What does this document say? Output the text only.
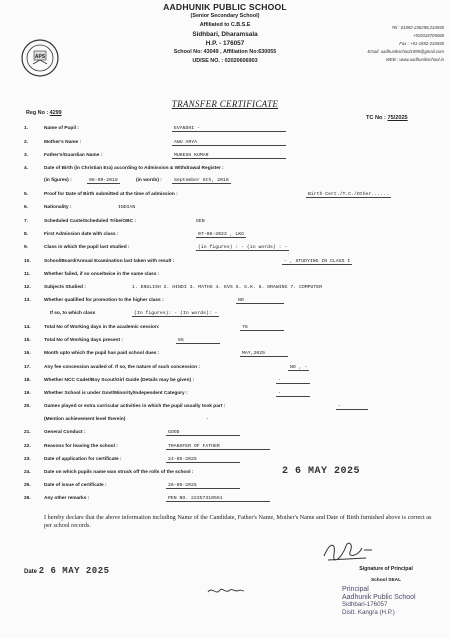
APS
AADHUNIK PUBLIC SCHOOL
(Senior Secondary School)
Affiliated to C.B.S.E
Sidhbari, Dharamsala
H.P. - 176057
School No: 43049 , Affiliation No:630055
UDISE NO. : 02020606903
Tel : 01892-236298,234550
+919318705068
Fax : +91-1892-234550
Email: aadhunikschool1995@gmail.com
WEB : www.aadhunikschool.in
TRANSFER CERTIFICATE
Reg No : 4299
TC No : 75/2025
1.	Name of Pupil :	EVANSHI -
2.	Mother's Name :	ANU ARYA
3.	Father's/Guardian Name :	MUKESH KUMAR
4.	Date of Birth (in Christian Era) according to Admission & Withdrawal Register :
(in figures) :	06-09-2018	(in words) :	September 6th, 2018
5.	Proof for Date of Birth submitted at the time of admission :	Birth Cert./T.C./Other......
6.	Nationality :	INDIAN
7.	Scheduled Caste/Scheduled Tribe/OBC :	GEN
8.	First Admission date with class :	07-08-2023 , LKG
9.	Class in which the pupil last studied :	(in figures) : - (in words) : -
10.	School/Board/Annual Examination last taken with result :	- , STUDYING IN CLASS I
11.	Whether failed, if so once/twice in the same class :
12.	Subjects Studied :	1. ENGLISH 2. HINDI 3. MATHS 4. EVS 5. G.K. 6. DRAWING 7. COMPUTER
13.	Whether qualified for promotion to the higher class :	NO
If so, to which class	(In figures): - (In words): -
14.	Total No of Working days in the academic session:	76
15.	Total No of Working days present :	65
16.	Month upto which the pupil has paid school dues :	MAY,2025
17.	Any fee concession availed of. If so, the nature of such concession :	NO , -
18.	Whether NCC Cadet/Boy Scout/Girl Guide (Details may be given) :	-
19.	Whether School is under Govt/Minority/Independent Category :	-
20.	Games played or extra curricular activities in which the pupil usually took part :	-
(Mention achievement level therein)	-
21.	General Conduct :	GOOD
22.	Reasons for leaving the school :	TRANSFER OF FATHER
23.	Date of application for certificate :	24-05-2025
24.	Date on which pupils name was struck off the rolls of the school :	2 6 MAY 2025
25.	Date of issue of certificate :	26-05-2025
26.	Any other remarks :	PEN NO. 22357310561
I hereby declare that the above information including Name of the Candidate, Father's Name, Mother's Name and Date of Birth furnished above is correct as per school records.
Signature of Principal
School SEAL
Principal
Aadhunik Public School
Sidhbari-176057
Distt. Kangra (H.P.)
Date 2 6 MAY 2025
